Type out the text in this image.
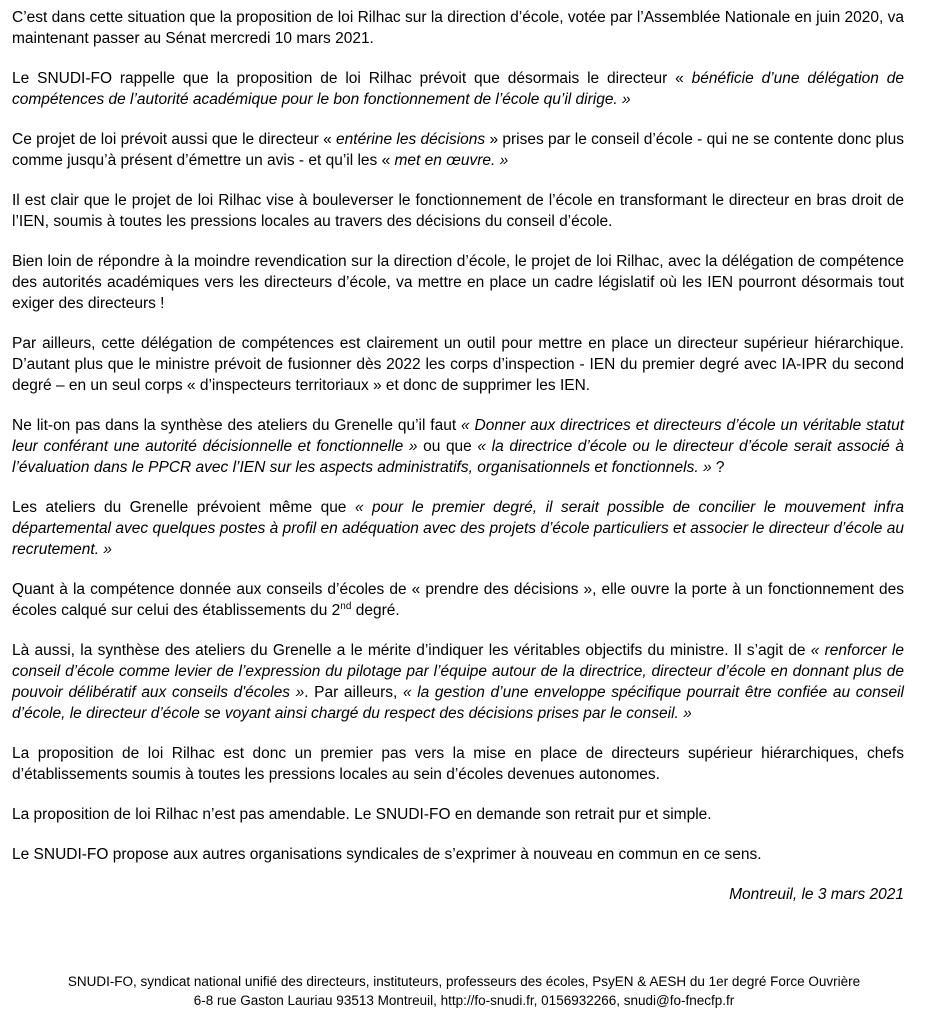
C’est dans cette situation que la proposition de loi Rilhac sur la direction d’école, votée par l’Assemblée Nationale en juin 2020, va maintenant passer au Sénat mercredi 10 mars 2021.

Le SNUDI-FO rappelle que la proposition de loi Rilhac prévoit que désormais le directeur « bénéficie d’une délégation de compétences de l’autorité académique pour le bon fonctionnement de l’école qu’il dirige. »

Ce projet de loi prévoit aussi que le directeur « entérine les décisions » prises par le conseil d’école - qui ne se contente donc plus comme jusqu’à présent d’émettre un avis - et qu’il les « met en œuvre. »

Il est clair que le projet de loi Rilhac vise à bouleverser le fonctionnement de l’école en transformant le directeur en bras droit de l’IEN, soumis à toutes les pressions locales au travers des décisions du conseil d’école.

Bien loin de répondre à la moindre revendication sur la direction d’école, le projet de loi Rilhac, avec la délégation de compétence des autorités académiques vers les directeurs d’école, va mettre en place un cadre législatif où les IEN pourront désormais tout exiger des directeurs !

Par ailleurs, cette délégation de compétences est clairement un outil pour mettre en place un directeur supérieur hiérarchique. D’autant plus que le ministre prévoit de fusionner dès 2022 les corps d’inspection - IEN du premier degré avec IA-IPR du second degré – en un seul corps « d’inspecteurs territoriaux » et donc de supprimer les IEN.

Ne lit-on pas dans la synthèse des ateliers du Grenelle qu’il faut « Donner aux directrices et directeurs d’école un véritable statut leur conférant une autorité décisionnelle et fonctionnelle » ou que « la directrice d’école ou le directeur d’école serait associé à l’évaluation dans le PPCR avec l’IEN sur les aspects administratifs, organisationnels et fonctionnels. » ?

Les ateliers du Grenelle prévoient même que « pour le premier degré, il serait possible de concilier le mouvement infra départemental avec quelques postes à profil en adéquation avec des projets d’école particuliers et associer le directeur d’école au recrutement. »

Quant à la compétence donnée aux conseils d’écoles de « prendre des décisions », elle ouvre la porte à un fonctionnement des écoles calqué sur celui des établissements du 2nd degré.

Là aussi, la synthèse des ateliers du Grenelle a le mérite d’indiquer les véritables objectifs du ministre. Il s’agit de « renforcer le conseil d’école comme levier de l’expression du pilotage par l’équipe autour de la directrice, directeur d’école en donnant plus de pouvoir délibératif aux conseils d'écoles ». Par ailleurs, « la gestion d’une enveloppe spécifique pourrait être confiée au conseil d’école, le directeur d’école se voyant ainsi chargé du respect des décisions prises par le conseil. »

La proposition de loi Rilhac est donc un premier pas vers la mise en place de directeurs supérieur hiérarchiques, chefs d’établissements soumis à toutes les pressions locales au sein d’écoles devenues autonomes.

La proposition de loi Rilhac n’est pas amendable. Le SNUDI-FO en demande son retrait pur et simple.

Le SNUDI-FO propose aux autres organisations syndicales de s’exprimer à nouveau en commun en ce sens.

Montreuil, le 3 mars 2021

SNUDI-FO, syndicat national unifié des directeurs, instituteurs, professeurs des écoles, PsyEN & AESH du 1er degré Force Ouvrière
6-8 rue Gaston Lauriau 93513 Montreuil, http://fo-snudi.fr, 0156932266, snudi@fo-fnecfp.fr
